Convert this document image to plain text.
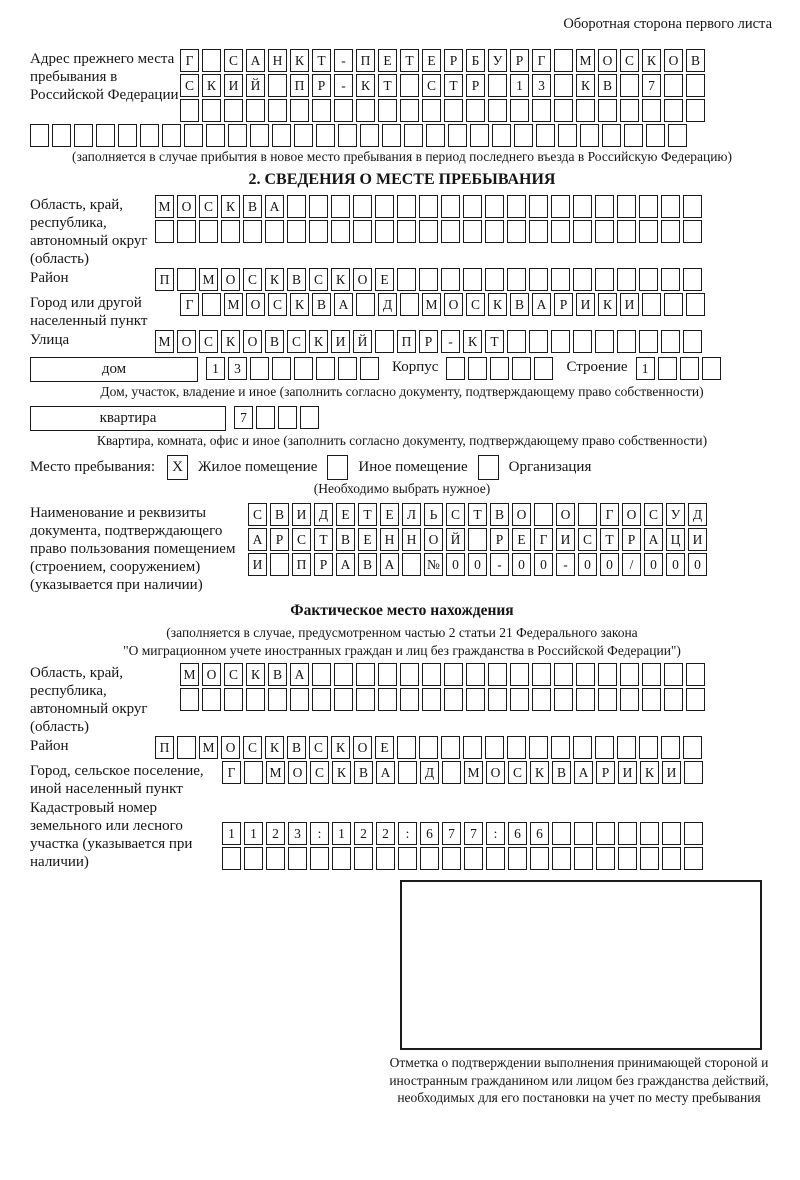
Оборотная сторона первого листа
Адрес прежнего места пребывания в Российской Федерации
Г	С А Н К Т	-	П Е	Т	Е	Р	Б У Р	Г	М О С К О В
С К И Й	П Р	-	К Т	С Т	Р	1	3	К В	7
(заполняется в случае прибытия в новое место пребывания в период последнего въезда в Российскую Федерацию)
2. СВЕДЕНИЯ О МЕСТЕ ПРЕБЫВАНИЯ
Область, край, республика, автономный округ (область)
М О С К В А
Район	П	М О С К В С К О Е
Город или другой населенный пункт
Г	М О С К В А	Д	М О С К В А Р И К И
Улица	М О С К О В С К И Й	П Р	-	К Т
дом	1	3	Корпус	Строение	1
Дом, участок, владение и иное (заполнить согласно документу, подтверждающему право собственности)
квартира	7
Квартира, комната, офис и иное (заполнить согласно документу, подтверждающему право собственности)
Место пребывания:	X	Жилое помещение	Иное помещение	Организация
(Необходимо выбрать нужное)
Наименование и реквизиты документа, подтверждающего право пользования помещением (строением, сооружением) (указывается при наличии)
С В И Д Е	Т	Е Л	Ь	С Т В О	О	Г О С У Д
А Р	С Т В Е Н Н О Й	Р	Е	Г И С Т	Р А Ц И
И	П Р А В А	№ 0	0	-	0	0	-	0	0	/	0	0	0
Фактическое место нахождения
(заполняется в случае, предусмотренном частью 2 статьи 21 Федерального закона
"О миграционном учете иностранных граждан и лиц без гражданства в Российской Федерации")
Область, край, республика, автономный округ (область)
М О С К В А
Район	П	М О С К В С К О Е
Город, сельское поселение, иной населенный пункт
Г	М О С К В А	Д	М О С К В А Р И К И
Кадастровый номер земельного или лесного участка (указывается при наличии)
1	1	2	3	:	1	2	2	:	6	7	7	:	6	6
Отметка о подтверждении выполнения принимающей стороной и иностранным гражданином или лицом без гражданства действий, необходимых для его постановки на учет по месту пребывания
